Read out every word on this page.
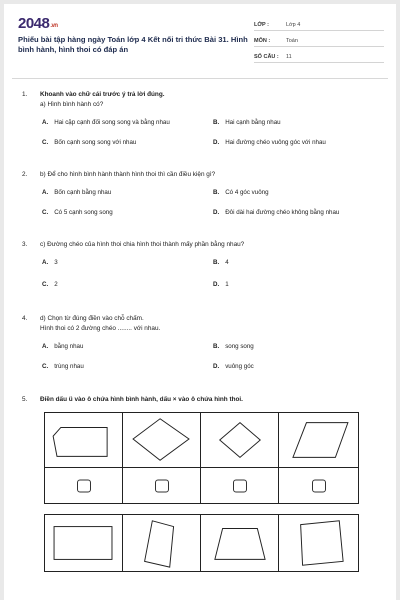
2048.vn
Phiếu bài tập hàng ngày Toán lớp 4 Kết nối tri thức Bài 31. Hình bình hành, hình thoi có đáp án
LỚP :	Lớp 4
MÔN :	Toán
SỐ CÂU :	11
1. Khoanh vào chữ cái trước ý trả lời đúng.
a) Hình bình hành có?
A. Hai cặp cạnh đối song song và bằng nhau	B. Hai cạnh bằng nhau
C. Bốn cạnh song song với nhau	D. Hai đường chéo vuông góc với nhau
2. b) Để cho hình bình hành thành hình thoi thì cần điều kiện gì?
A. Bốn cạnh bằng nhau	B. Có 4 góc vuông
C. Có 5 cạnh song song	D. Đôi dài hai đường chéo không bằng nhau
3. c) Đường chéo của hình thoi chia hình thoi thành mấy phần bằng nhau?
A. 3	B. 4
C. 2	D. 1
4. d) Chọn từ đúng điền vào chỗ chấm.
Hình thoi có 2 đường chéo ........ với nhau.
A. bằng nhau	B. song song
C. trùng nhau	D. vuông góc
5. Điền dấu ü vào ô chứa hình bình hành, dấu × vào ô chứa hình thoi.
